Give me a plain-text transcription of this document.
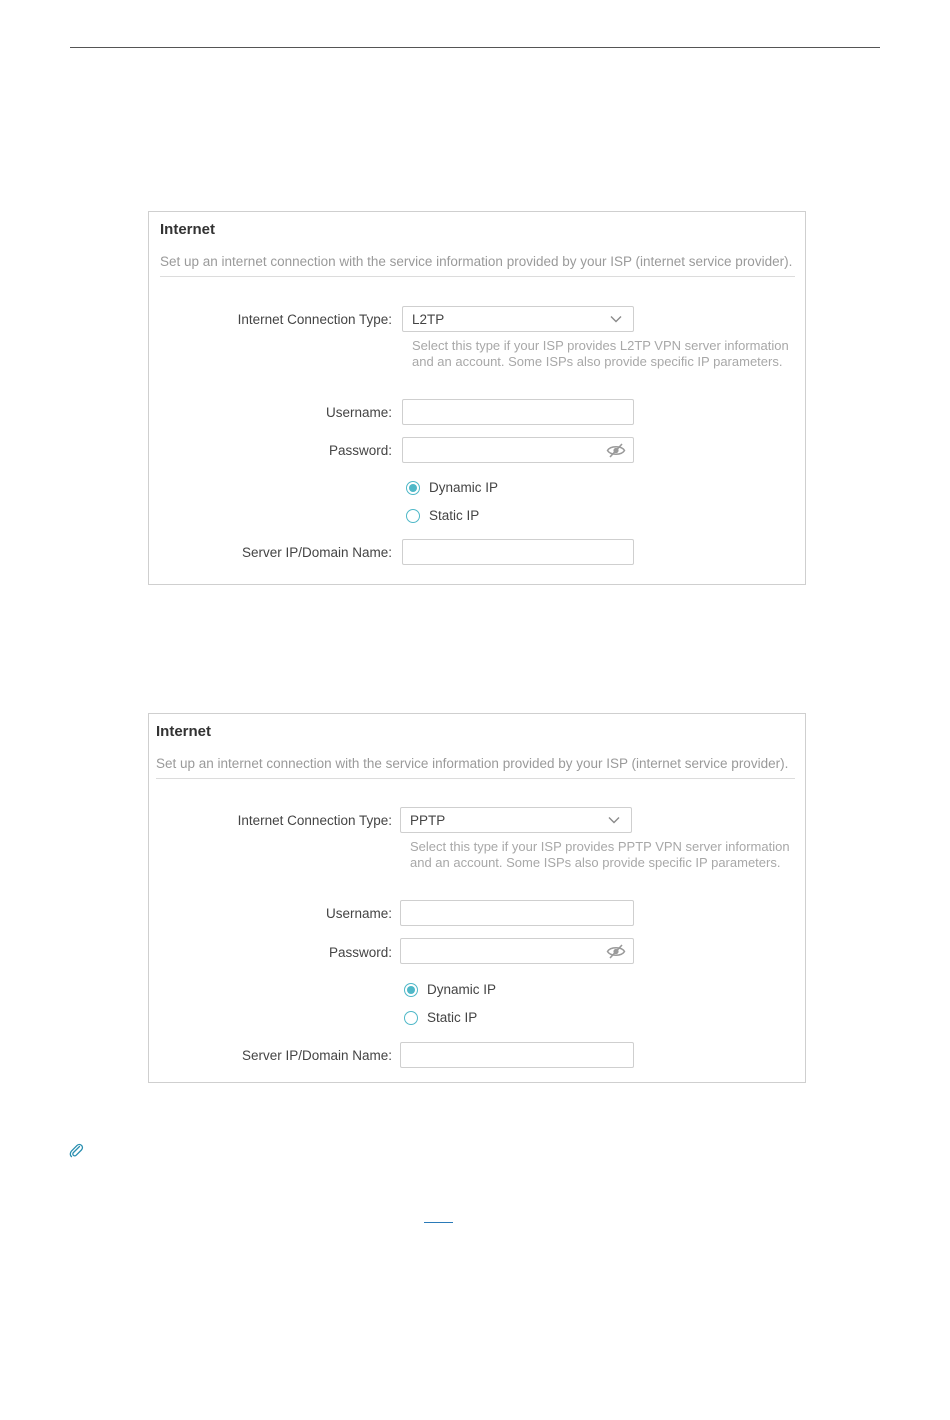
Internet
Set up an internet connection with the service information provided by your ISP (internet service provider).
Internet Connection Type: L2TP
Select this type if your ISP provides L2TP VPN server information and an account. Some ISPs also provide specific IP parameters.
Username:
Password:
Dynamic IP
Static IP
Server IP/Domain Name:
Internet
Set up an internet connection with the service information provided by your ISP (internet service provider).
Internet Connection Type: PPTP
Select this type if your ISP provides PPTP VPN server information and an account. Some ISPs also provide specific IP parameters.
Username:
Password:
Dynamic IP
Static IP
Server IP/Domain Name:
